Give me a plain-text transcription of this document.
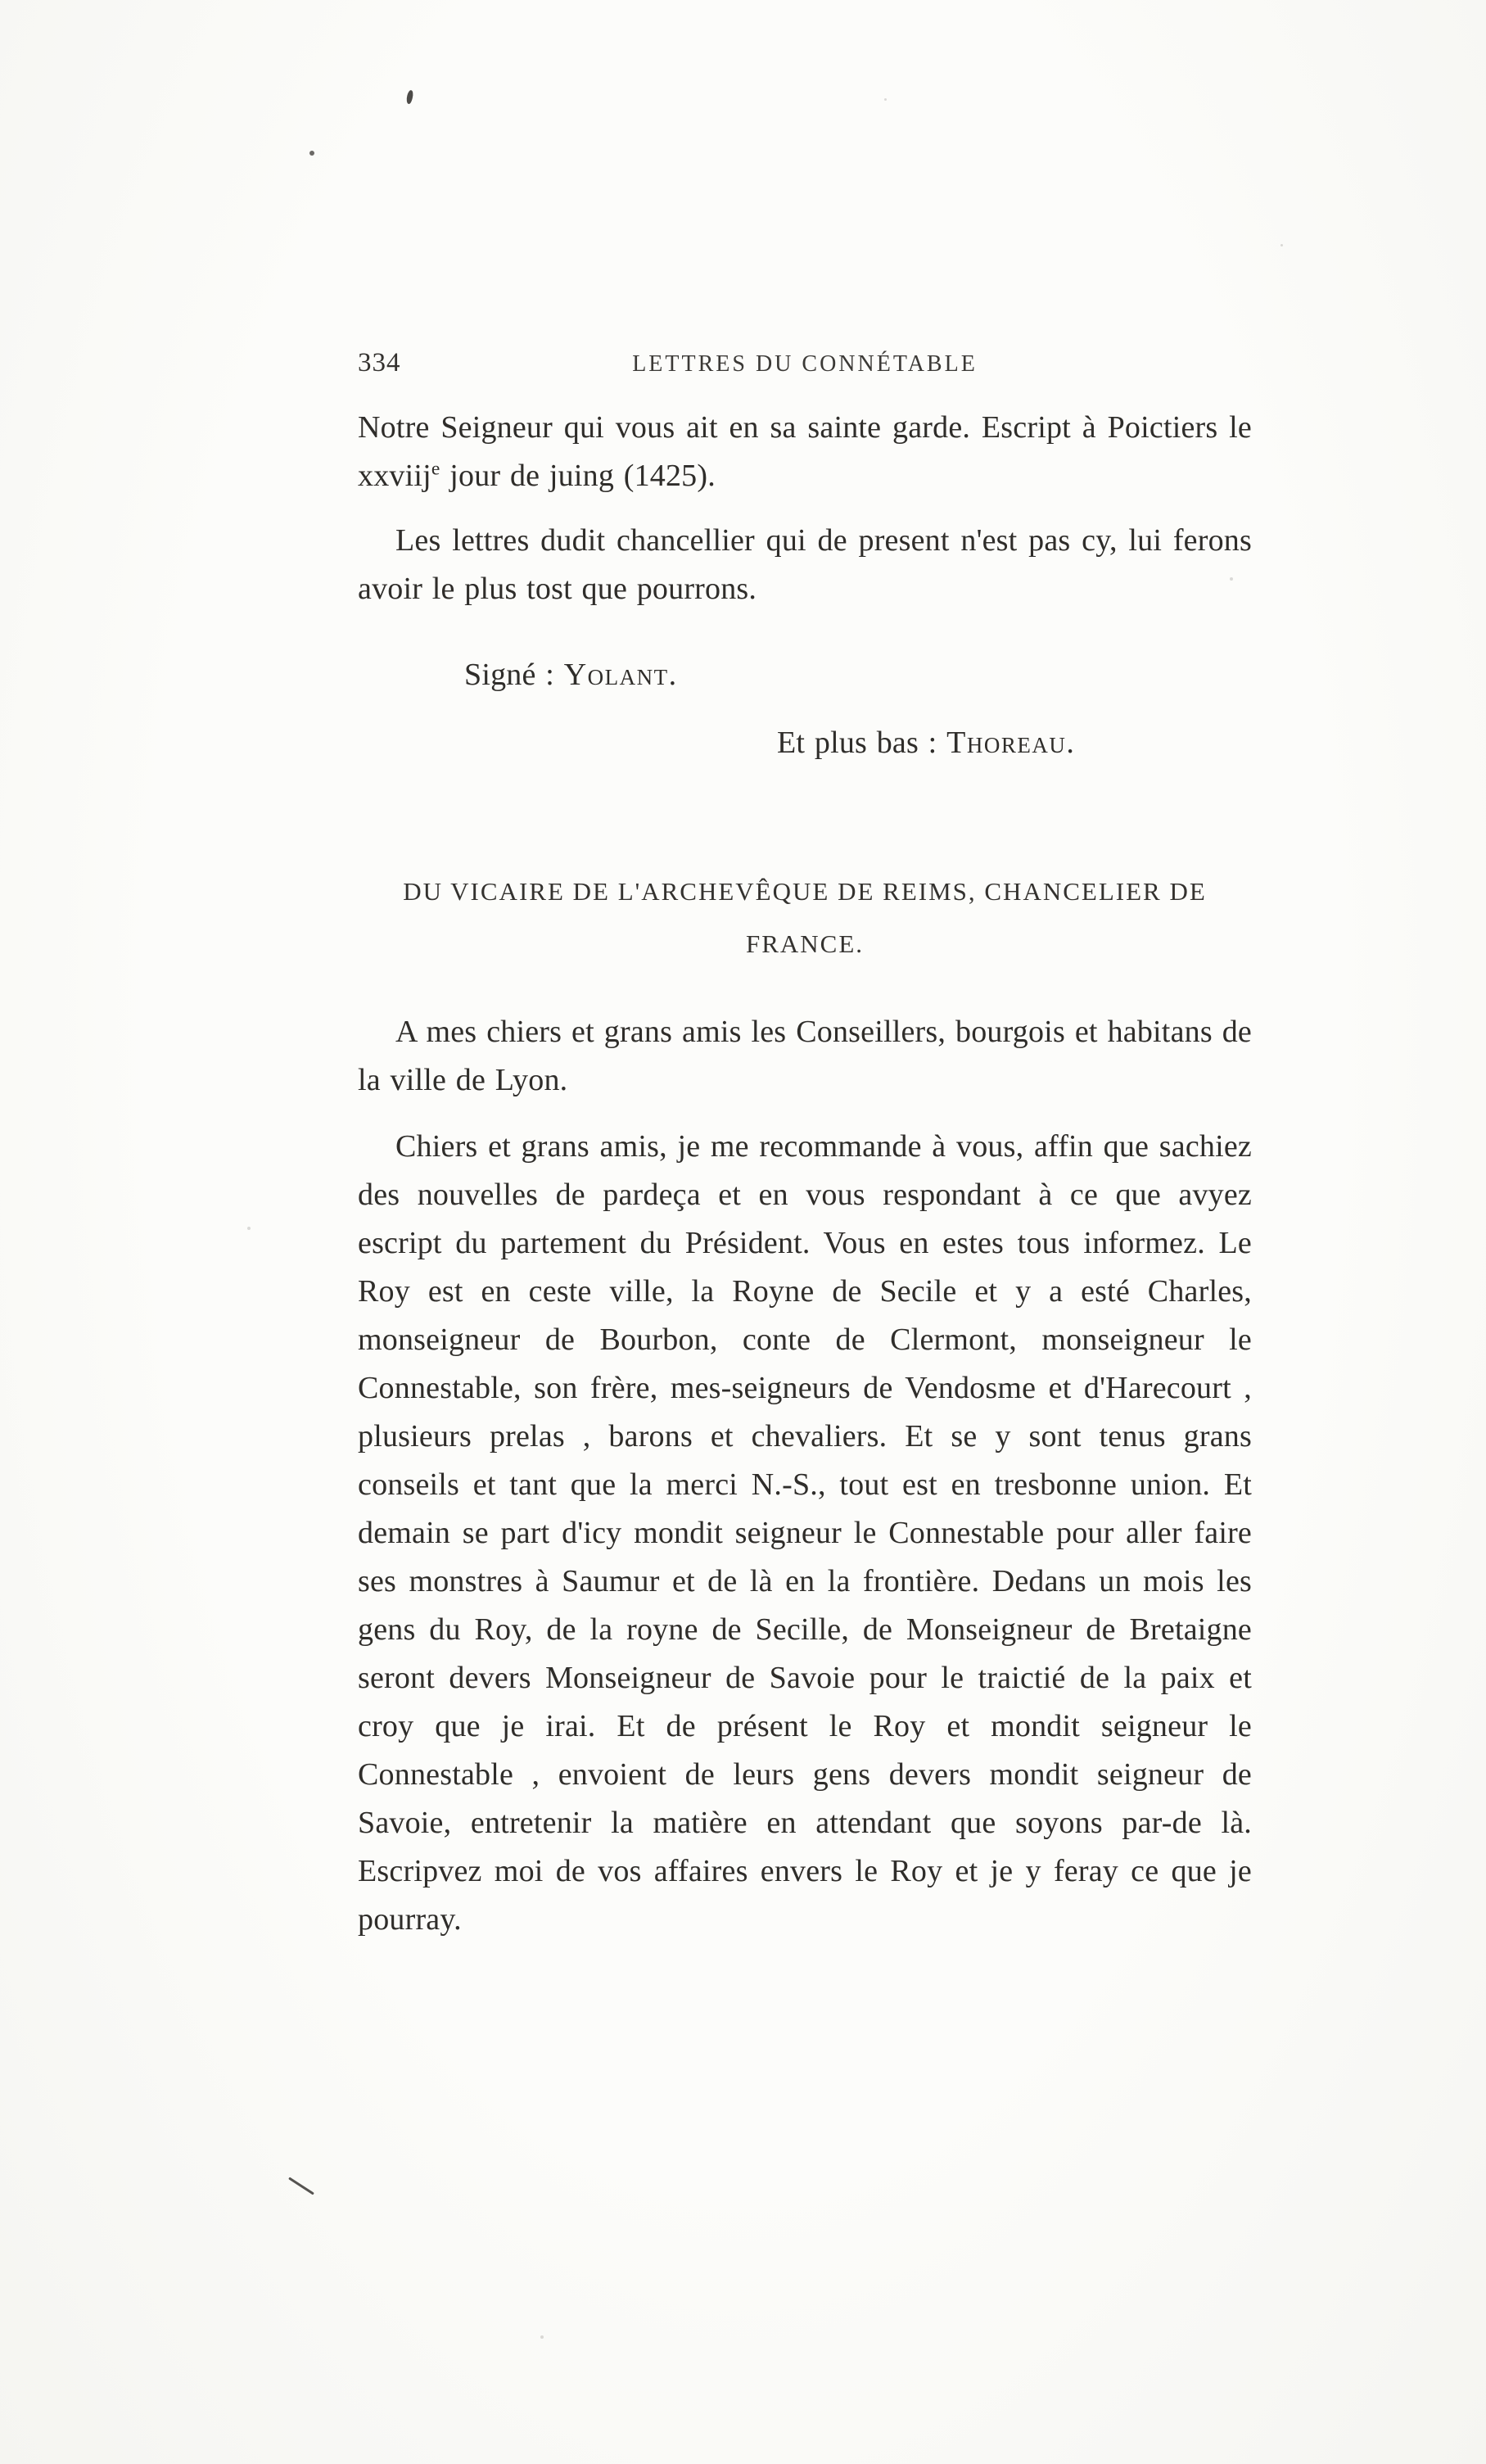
334	LETTRES DU CONNÉTABLE

Notre Seigneur qui vous ait en sa sainte garde. Escript à Poictiers le xxviij$^e$ jour de juing (1425).

Les lettres dudit chancellier qui de present n'est pas cy, lui ferons avoir le plus tost que pourrons.

Signé : Yolant.

Et plus bas : Thoreau.

DU VICAIRE DE L'ARCHEVÊQUE DE REIMS, CHANCELIER DE
FRANCE.

A mes chiers et grans amis les Conseillers, bourgois et habitans de la ville de Lyon.

Chiers et grans amis, je me recommande à vous, affin que sachiez des nouvelles de pardeça et en vous respondant à ce que avyez escript du partement du Président. Vous en estes tous informez. Le Roy est en ceste ville, la Royne de Secile et y a esté Charles, monseigneur de Bourbon, conte de Clermont, monseigneur le Connestable, son frère, mes-seigneurs de Vendosme et d'Harecourt , plusieurs prelas , barons et chevaliers. Et se y sont tenus grans conseils et tant que la merci N.-S., tout est en tresbonne union. Et demain se part d'icy mondit seigneur le Connestable pour aller faire ses monstres à Saumur et de là en la frontière. Dedans un mois les gens du Roy, de la royne de Secille, de Monseigneur de Bretaigne seront devers Monseigneur de Savoie pour le traictié de la paix et croy que je irai. Et de présent le Roy et mondit seigneur le Connestable , envoient de leurs gens devers mondit seigneur de Savoie, entretenir la matière en attendant que soyons par-de là. Escripvez moi de vos affaires envers le Roy et je y feray ce que je pourray.
